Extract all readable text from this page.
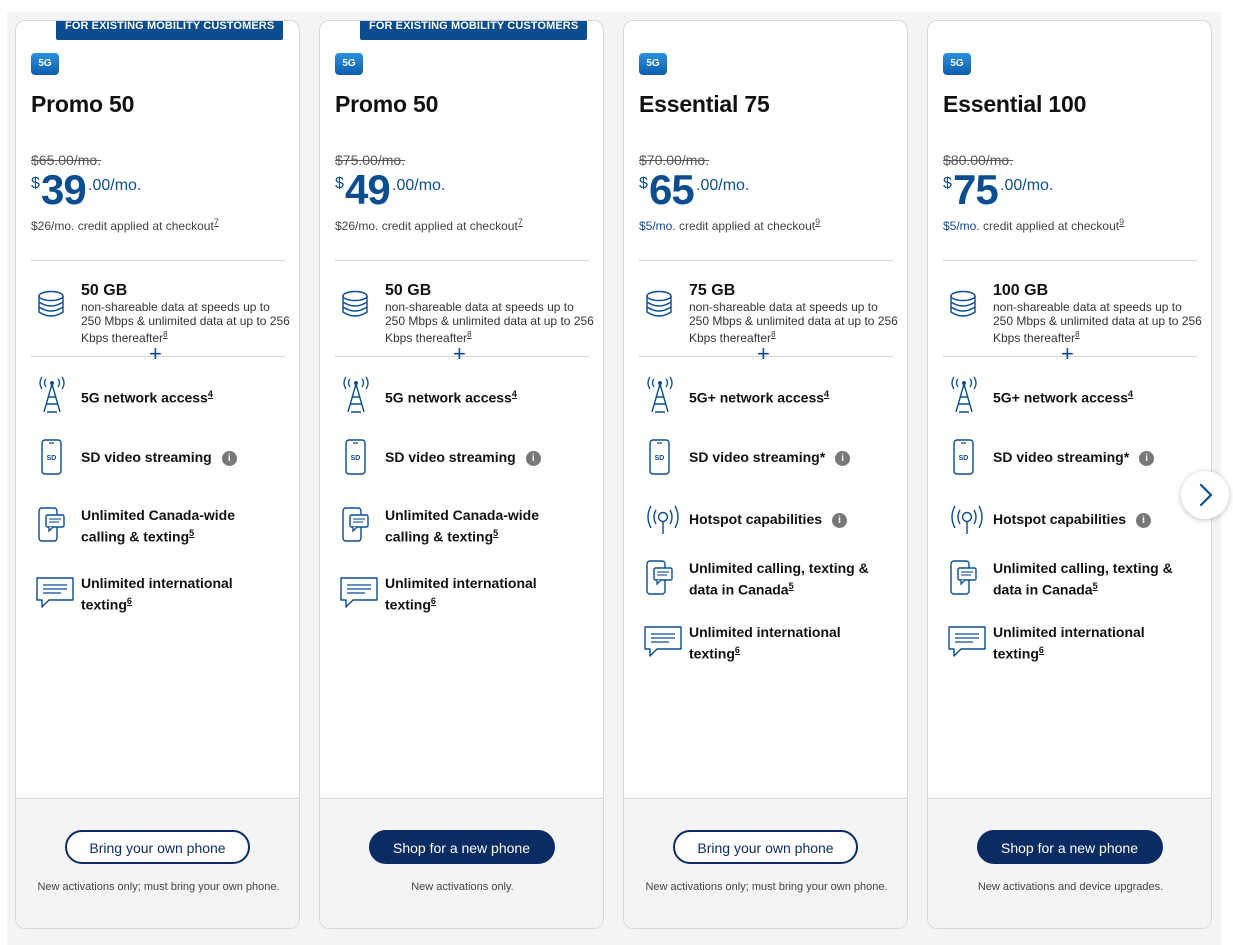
FOR EXISTING MOBILITY CUSTOMERS
5G
Promo 50
$65.00/mo.
$ 39 .00/mo.
$26/mo. credit applied at checkout$^7$
50 GB
non-shareable data at speeds up to 250 Mbps & unlimited data at up to 256 Kbps thereafter$^8$
+
5G network access$^4$
SD SD video streaming i
Unlimited Canada-wide calling & texting$^5$
Unlimited international texting$^6$
Bring your own phone
New activations only; must bring your own phone.
FOR EXISTING MOBILITY CUSTOMERS
5G
Promo 50
$75.00/mo.
$ 49 .00/mo.
$26/mo. credit applied at checkout$^7$
50 GB
non-shareable data at speeds up to 250 Mbps & unlimited data at up to 256 Kbps thereafter$^8$
+
5G network access$^4$
SD SD video streaming i
Unlimited Canada-wide calling & texting$^5$
Unlimited international texting$^6$
Shop for a new phone
New activations only.
5G
Essential 75
$70.00/mo.
$ 65 .00/mo.
$5/mo. credit applied at checkout$^9$
75 GB
non-shareable data at speeds up to 250 Mbps & unlimited data at up to 256 Kbps thereafter$^8$
+
5G+ network access$^4$
SD SD video streaming* i
Hotspot capabilities i
Unlimited calling, texting & data in Canada$^5$
Unlimited international texting$^6$
Bring your own phone
New activations only; must bring your own phone.
5G
Essential 100
$80.00/mo.
$ 75 .00/mo.
$5/mo. credit applied at checkout$^9$
100 GB
non-shareable data at speeds up to 250 Mbps & unlimited data at up to 256 Kbps thereafter$^8$
+
5G+ network access$^4$
SD SD video streaming* i
Hotspot capabilities i
Unlimited calling, texting & data in Canada$^5$
Unlimited international texting$^6$
Shop for a new phone
New activations and device upgrades.
